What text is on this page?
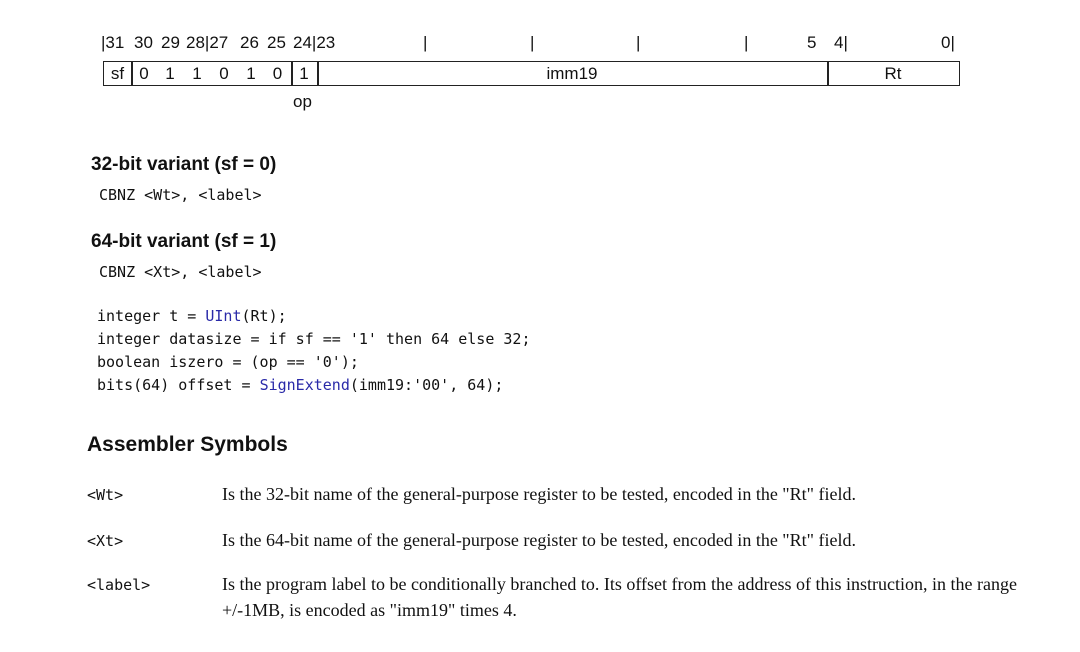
|31 30 29 28|27 26 25 24|23	|	|	|	|	5 4|	0|
sf 0 1	1	0	1	0	1	imm19	Rt
op
32-bit variant (sf = 0)
CBNZ <Wt>, <label>
64-bit variant (sf = 1)
CBNZ <Xt>, <label>
integer t = UInt(Rt);
integer datasize = if sf == '1' then 64 else 32;
boolean iszero = (op == '0');
bits(64) offset = SignExtend(imm19:'00', 64);
Assembler Symbols
<Wt>	Is the 32-bit name of the general-purpose register to be tested, encoded in the "Rt" field.
<Xt>	Is the 64-bit name of the general-purpose register to be tested, encoded in the "Rt" field.
<label>	Is the program label to be conditionally branched to. Its offset from the address of this instruction, in the range +/-1MB, is encoded as "imm19" times 4.
